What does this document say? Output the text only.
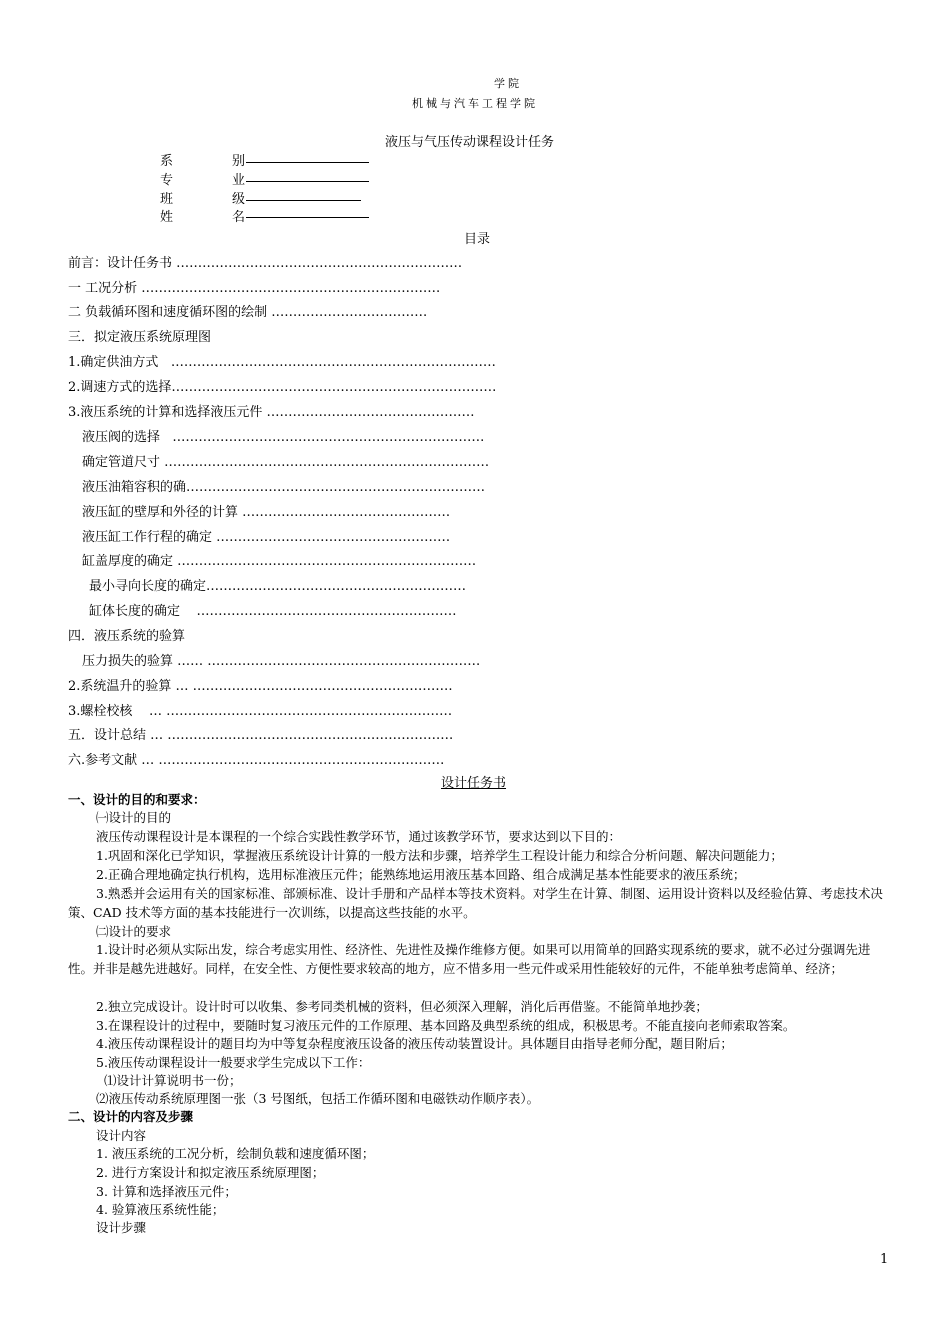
学院
机械与汽车工程学院
液压与气压传动课程设计任务
系	别
专	业
班	级
姓	名
目录
前言：设计任务书 …………………………………………………………
一 工况分析 ……………………………………………………………
二 负载循环图和速度循环图的绘制 ………………………………
三．拟定液压系统原理图
1.确定供油方式 …………………………………………………………………
2.调速方式的选择…………………………………………………………………
3.液压系统的计算和选择液压元件 …………………………………………
液压阀的选择 ………………………………………………………………
确定管道尺寸 …………………………………………………………………
液压油箱容积的确……………………………………………………………
液压缸的壁厚和外径的计算 …………………………………………
液压缸工作行程的确定 ………………………………………………
缸盖厚度的确定 ……………………………………………………………
最小寻向长度的确定……………………………………………………
缸体长度的确定 ……………………………………………………
四．液压系统的验算
压力损失的验算 …… ………………………………………………………
2.系统温升的验算 … ……………………………………………………
3.螺栓校核 … …………………………………………………………
五．设计总结 … …………………………………………………………
六.参考文献 … …………………………………………………………
设计任务书
一、设计的目的和要求：
㈠设计的目的
液压传动课程设计是本课程的一个综合实践性教学环节，通过该教学环节，要求达到以下目的：
1.巩固和深化已学知识，掌握液压系统设计计算的一般方法和步骤，培养学生工程设计能力和综合分析问题、解决问题能力；
2.正确合理地确定执行机构，选用标准液压元件；能熟练地运用液压基本回路、组合成满足基本性能要求的液压系统；
3.熟悉并会运用有关的国家标准、部颁标准、设计手册和产品样本等技术资料。对学生在计算、制图、运用设计资料以及经验估算、考虑技术决策、CAD 技术等方面的基本技能进行一次训练，以提高这些技能的水平。
㈡设计的要求
1.设计时必须从实际出发，综合考虑实用性、经济性、先进性及操作维修方便。如果可以用简单的回路实现系统的要求，就不必过分强调先进性。并非是越先进越好。同样，在安全性、方便性要求较高的地方，应不惜多用一些元件或采用性能较好的元件，不能单独考虑简单、经济；
2.独立完成设计。设计时可以收集、参考同类机械的资料，但必须深入理解，消化后再借鉴。不能简单地抄袭；
3.在课程设计的过程中，要随时复习液压元件的工作原理、基本回路及典型系统的组成，积极思考。不能直接向老师索取答案。
4.液压传动课程设计的题目均为中等复杂程度液压设备的液压传动装置设计。具体题目由指导老师分配，题目附后；
5.液压传动课程设计一般要求学生完成以下工作：
⑴设计计算说明书一份；
⑵液压传动系统原理图一张（3 号图纸，包括工作循环图和电磁铁动作顺序表）。
二、设计的内容及步骤
设计内容
1. 液压系统的工况分析，绘制负载和速度循环图；
2. 进行方案设计和拟定液压系统原理图；
3. 计算和选择液压元件；
4. 验算液压系统性能；
设计步骤
1
